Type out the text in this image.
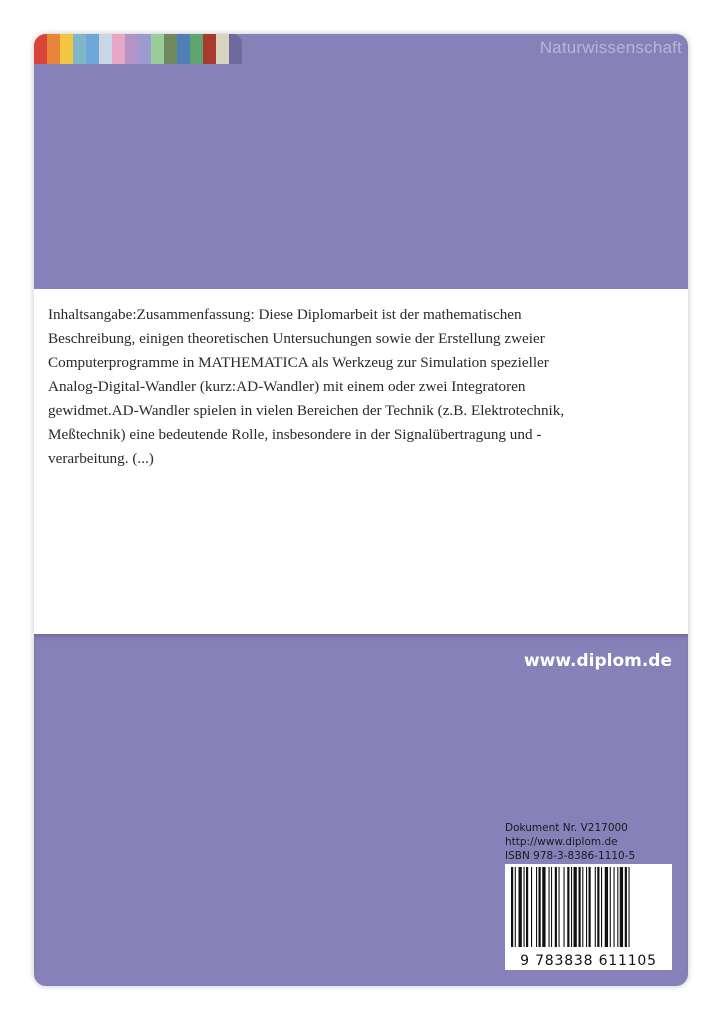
Naturwissenschaft

Inhaltsangabe:Zusammenfassung: Diese Diplomarbeit ist der mathematischen Beschreibung, einigen theoretischen Untersuchungen sowie der Erstellung zweier Computerprogramme in MATHEMATICA als Werkzeug zur Simulation spezieller Analog-Digital-Wandler (kurz:AD-Wandler) mit einem oder zwei Integratoren gewidmet.AD-Wandler spielen in vielen Bereichen der Technik (z.B. Elektrotechnik, Meßtechnik) eine bedeutende Rolle, insbesondere in der Signalübertragung und -verarbeitung. (...)

www.diplom.de
Dokument Nr. V217000
http://www.diplom.de
ISBN 978-3-8386-1110-5
9 783838 611105
